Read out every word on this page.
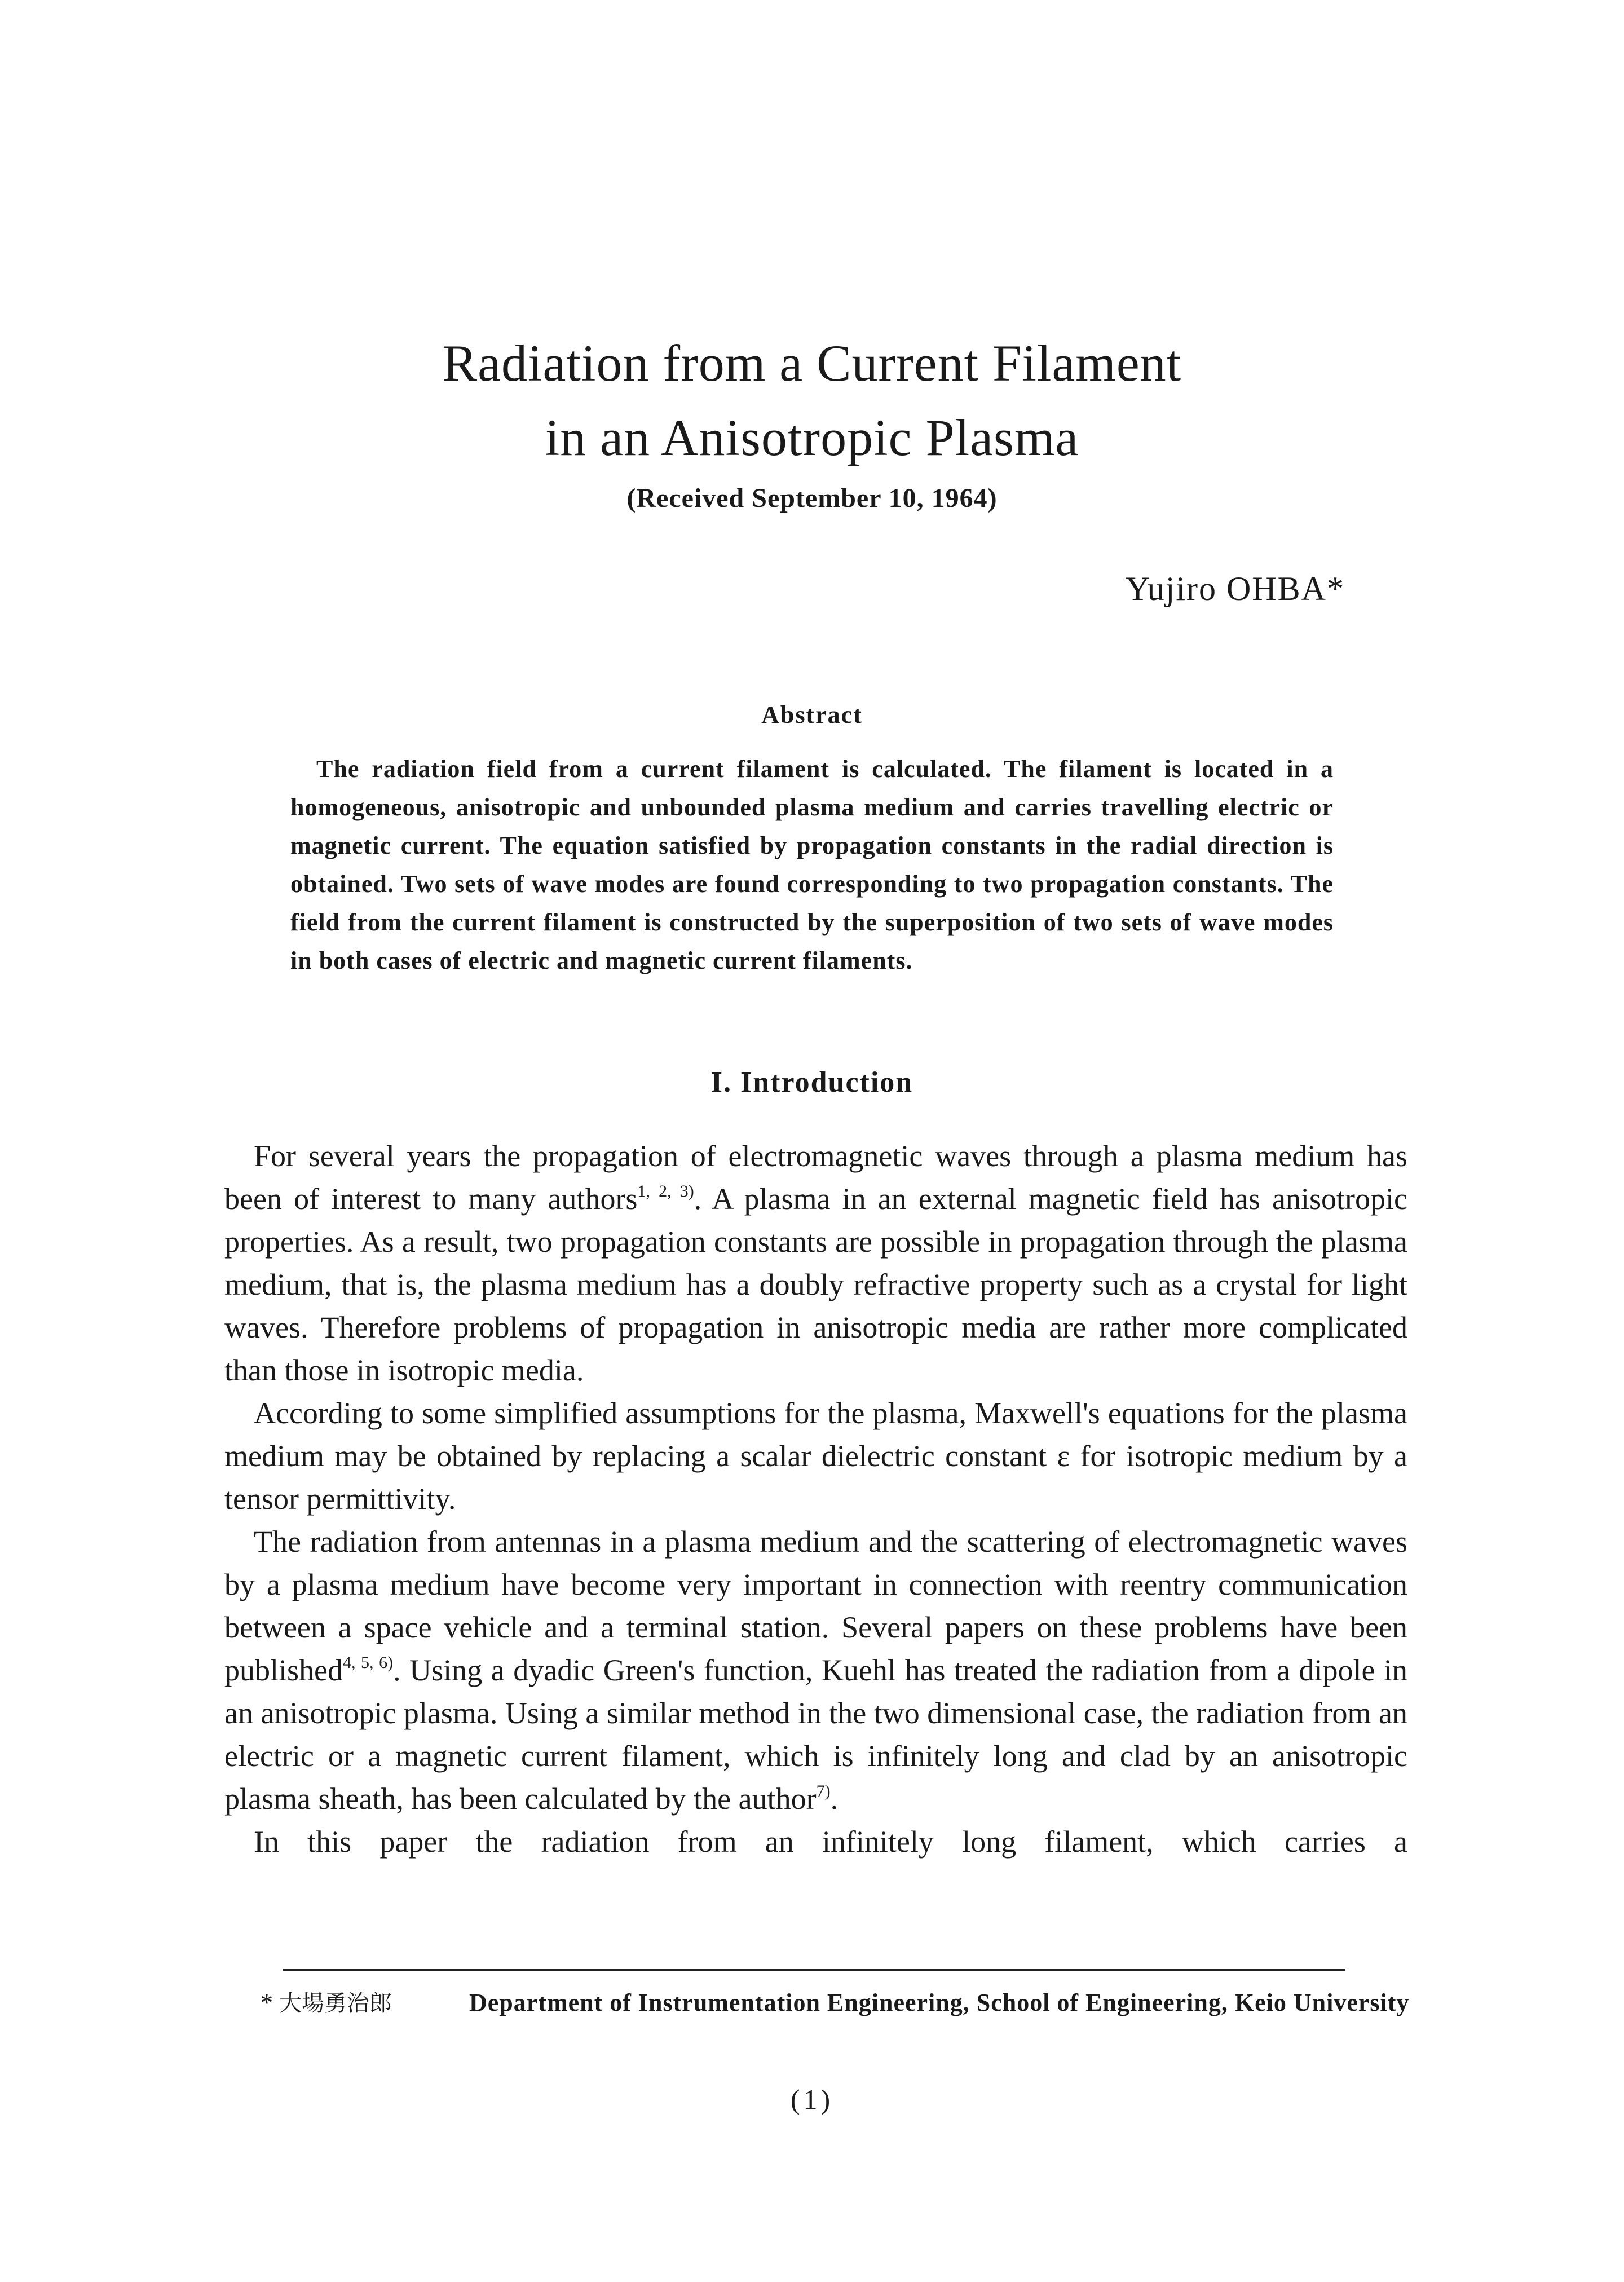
Radiation from a Current Filament
in an Anisotropic Plasma
(Received September 10, 1964)
Yujiro OHBA*
Abstract
The radiation field from a current filament is calculated. The filament is located in a homogeneous, anisotropic and unbounded plasma medium and carries travelling electric or magnetic current. The equation satisfied by propagation constants in the radial direction is obtained. Two sets of wave modes are found corresponding to two propagation constants. The field from the current filament is constructed by the superposition of two sets of wave modes in both cases of electric and magnetic current filaments.
I. Introduction

For several years the propagation of electromagnetic waves through a plasma medium has been of interest to many authors$^{1, 2, 3)}$. A plasma in an external magnetic field has anisotropic properties. As a result, two propagation constants are possible in propagation through the plasma medium, that is, the plasma medium has a doubly refractive property such as a crystal for light waves. Therefore problems of propagation in anisotropic media are rather more complicated than those in isotropic media.

According to some simplified assumptions for the plasma, Maxwell's equations for the plasma medium may be obtained by replacing a scalar dielectric constant ε for isotropic medium by a tensor permittivity.

The radiation from antennas in a plasma medium and the scattering of electromagnetic waves by a plasma medium have become very important in connection with reentry communication between a space vehicle and a terminal station. Several papers on these problems have been published$^{4, 5, 6)}$. Using a dyadic Green's function, Kuehl has treated the radiation from a dipole in an anisotropic plasma. Using a similar method in the two dimensional case, the radiation from an electric or a magnetic current filament, which is infinitely long and clad by an anisotropic plasma sheath, has been calculated by the author$^{7)}$.

In this paper the radiation from an infinitely long filament, which carries a

* 大場勇治郎	Department of Instrumentation Engineering, School of Engineering, Keio University
(1)
